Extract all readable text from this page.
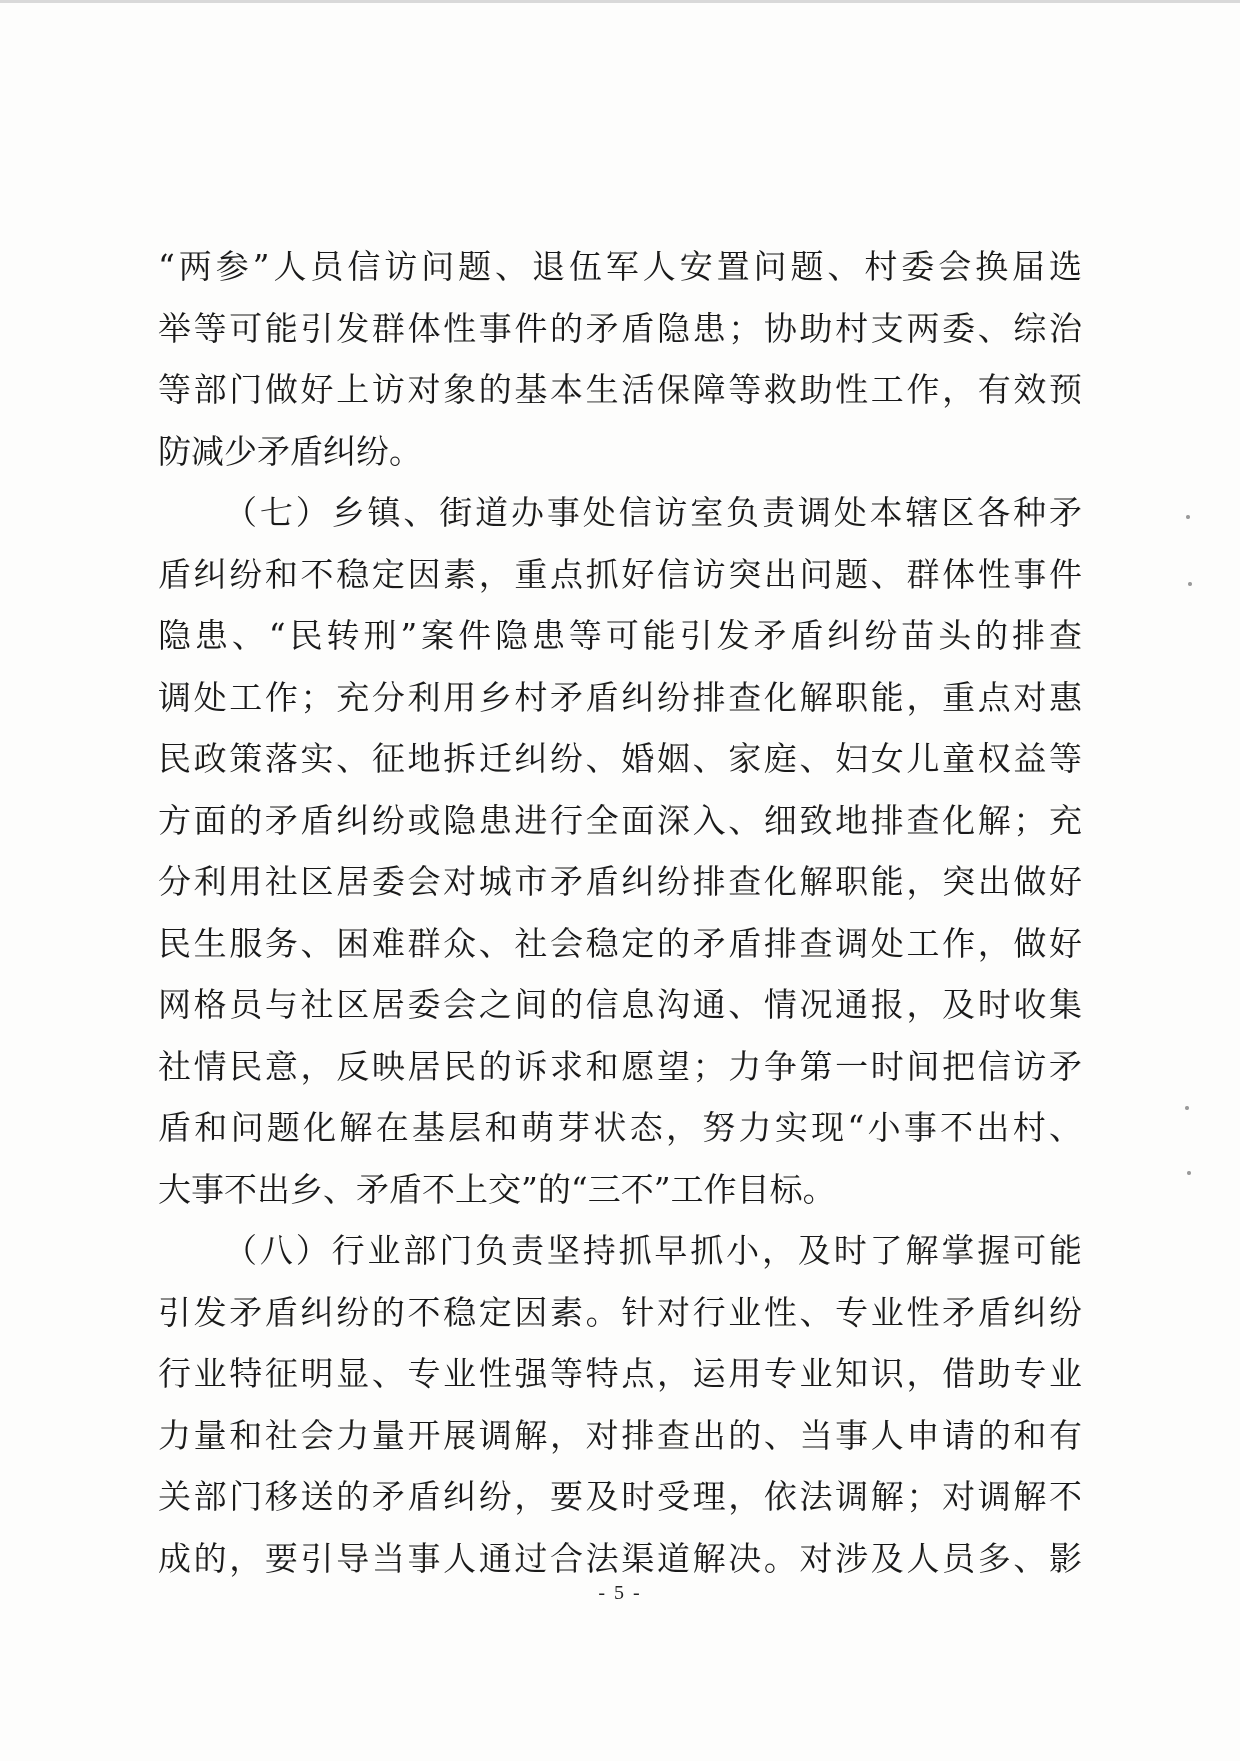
“两参”人员信访问题、退伍军人安置问题、村委会换届选
举等可能引发群体性事件的矛盾隐患；协助村支两委、综治
等部门做好上访对象的基本生活保障等救助性工作，有效预
防减少矛盾纠纷。
（七）乡镇、街道办事处信访室负责调处本辖区各种矛
盾纠纷和不稳定因素，重点抓好信访突出问题、群体性事件
隐患、“民转刑”案件隐患等可能引发矛盾纠纷苗头的排查
调处工作；充分利用乡村矛盾纠纷排查化解职能，重点对惠
民政策落实、征地拆迁纠纷、婚姻、家庭、妇女儿童权益等
方面的矛盾纠纷或隐患进行全面深入、细致地排查化解；充
分利用社区居委会对城市矛盾纠纷排查化解职能，突出做好
民生服务、困难群众、社会稳定的矛盾排查调处工作，做好
网格员与社区居委会之间的信息沟通、情况通报，及时收集
社情民意，反映居民的诉求和愿望；力争第一时间把信访矛
盾和问题化解在基层和萌芽状态，努力实现“小事不出村、
大事不出乡、矛盾不上交”的“三不”工作目标。
（八）行业部门负责坚持抓早抓小，及时了解掌握可能
引发矛盾纠纷的不稳定因素。针对行业性、专业性矛盾纠纷
行业特征明显、专业性强等特点，运用专业知识，借助专业
力量和社会力量开展调解，对排查出的、当事人申请的和有
关部门移送的矛盾纠纷，要及时受理，依法调解；对调解不
成的，要引导当事人通过合法渠道解决。对涉及人员多、影
- 5 -
